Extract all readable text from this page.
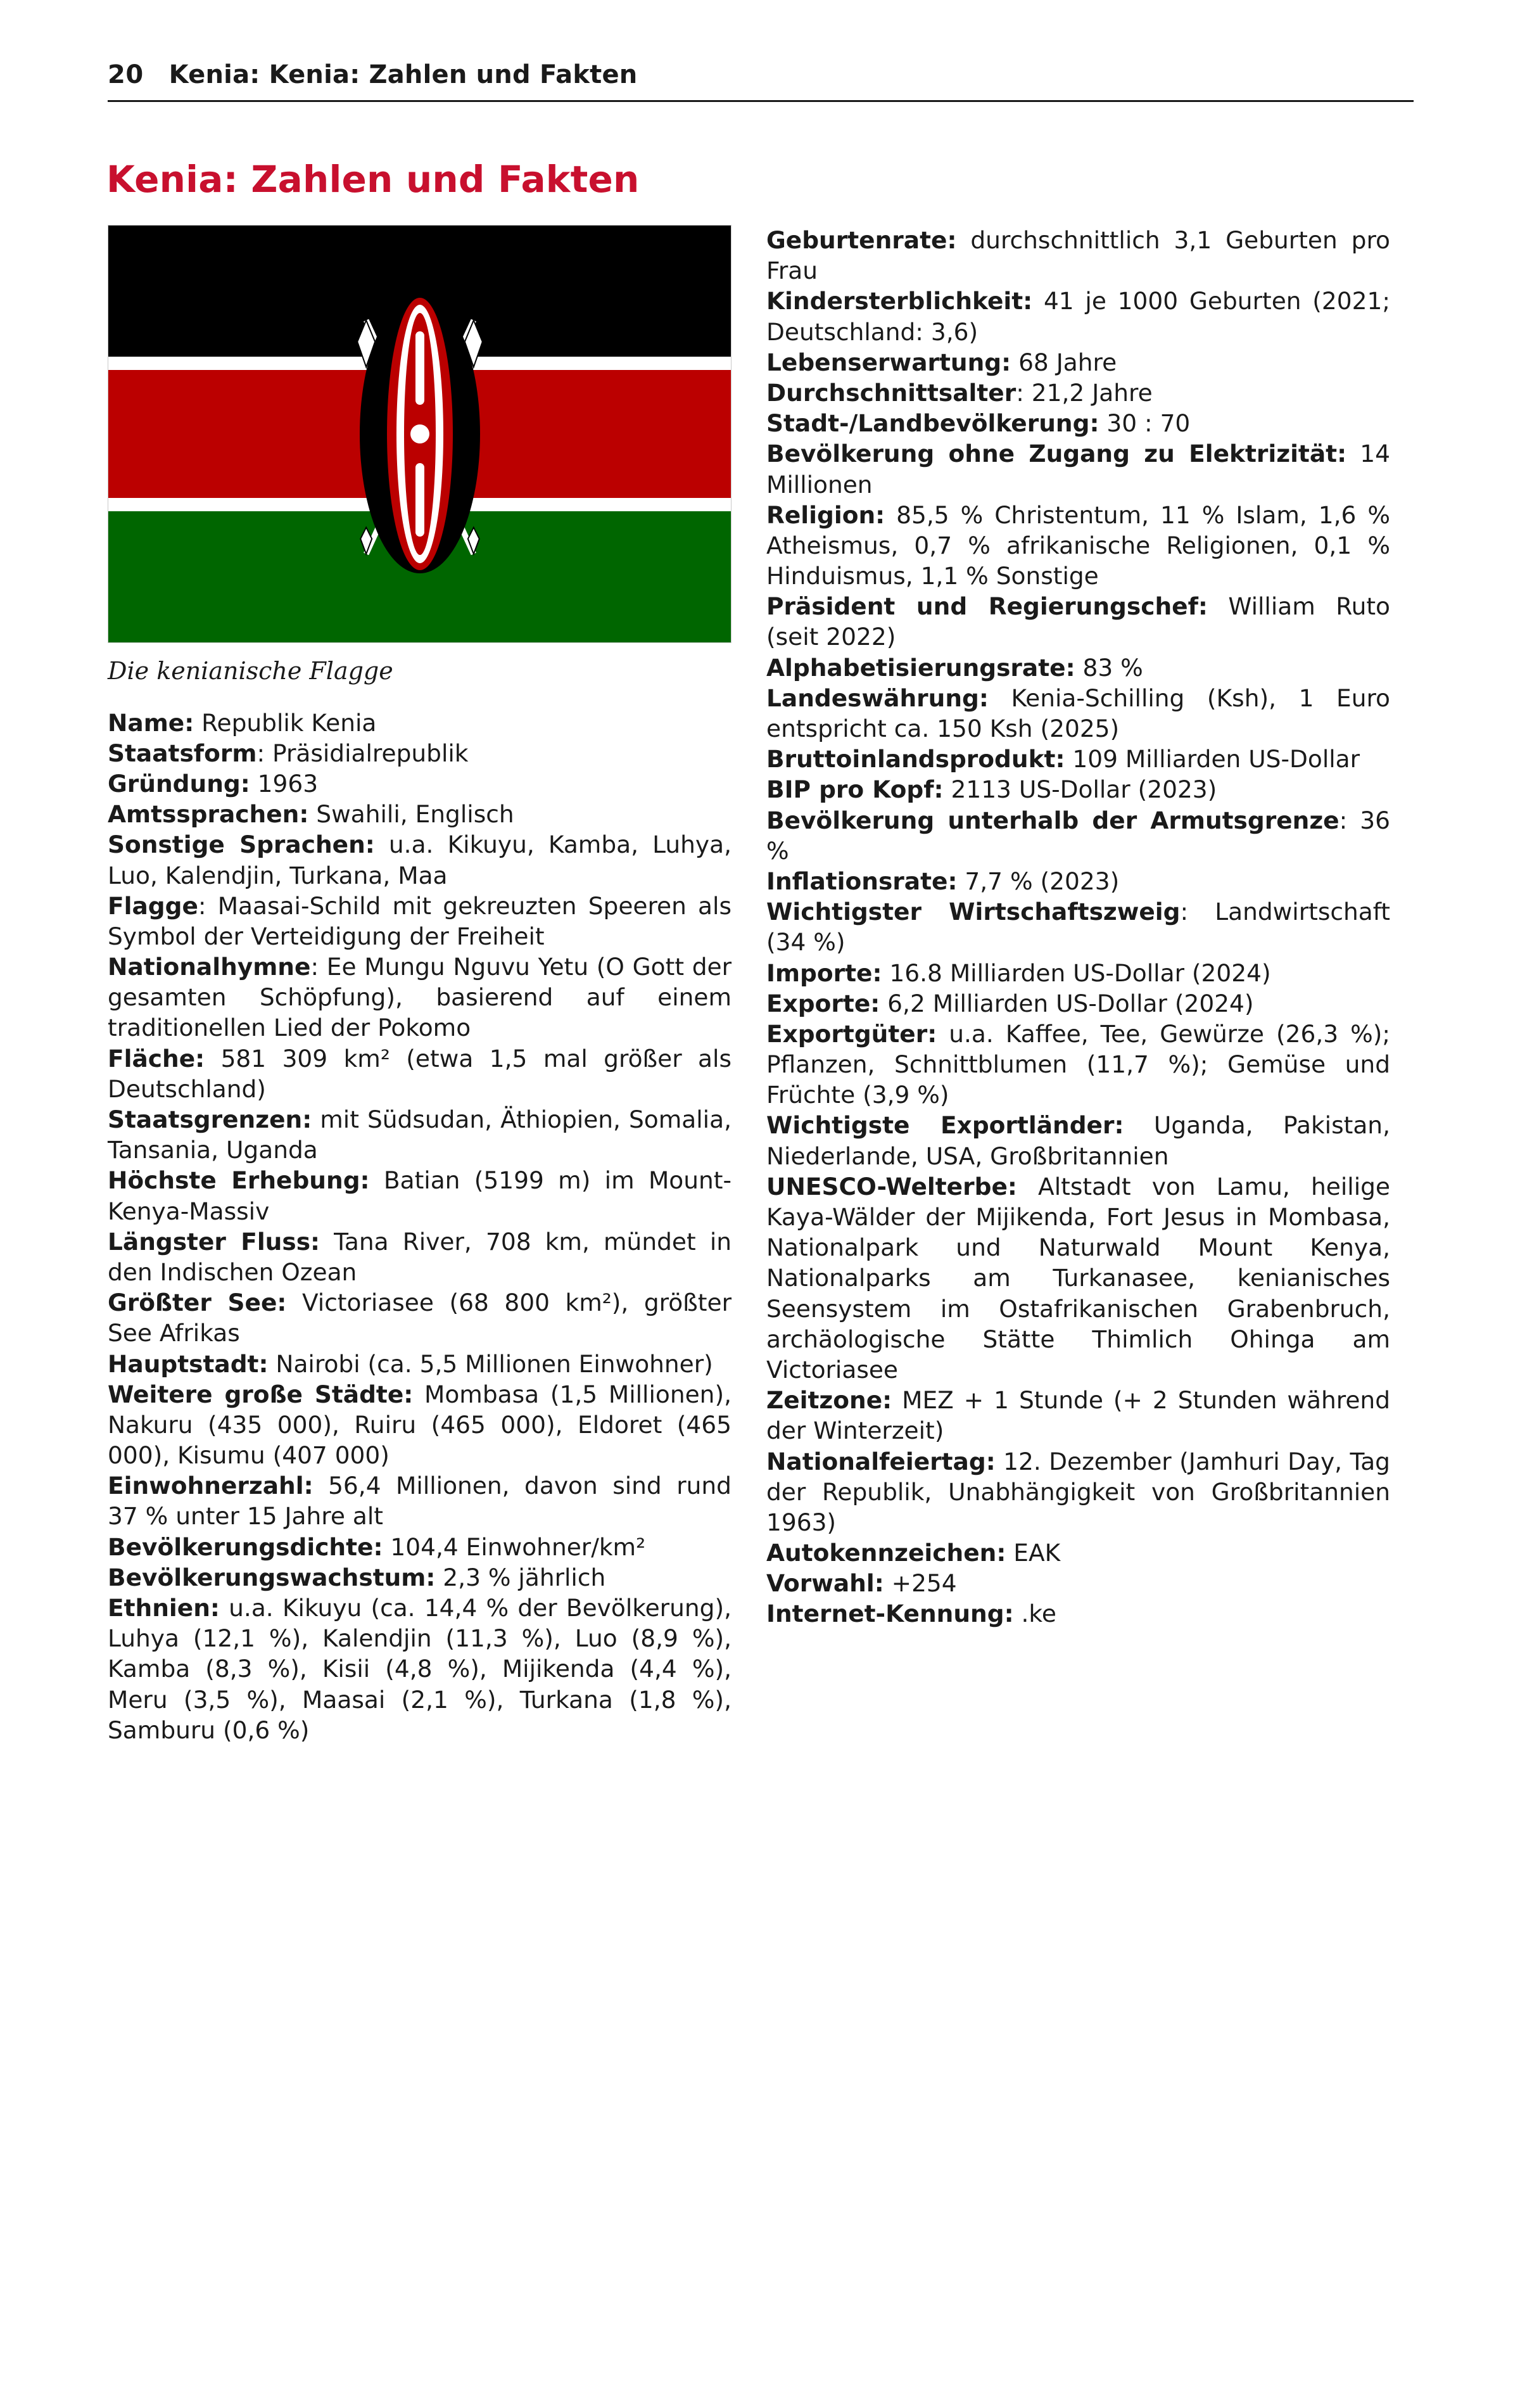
20 Kenia: Kenia: Zahlen und Fakten
Kenia: Zahlen und Fakten
Die kenianische Flagge

Name: Republik Kenia

Staatsform: Präsidialrepublik

Gründung: 1963

Amtssprachen: Swahili, Englisch

Sonstige Sprachen: u.a. Kikuyu, Kamba, Luhya, Luo, Kalendjin, Turkana, Maa

Flagge: Maasai-Schild mit gekreuzten Speeren als Symbol der Verteidigung der Freiheit

Nationalhymne: Ee Mungu Nguvu Yetu (O Gott der gesamten Schöpfung), basierend auf einem traditionellen Lied der Pokomo

Fläche: 581 309 km² (etwa 1,5 mal größer als Deutschland)

Staatsgrenzen: mit Südsudan, Äthiopien, Somalia, Tansania, Uganda

Höchste Erhebung: Batian (5199 m) im Mount-Kenya-Massiv

Längster Fluss: Tana River, 708 km, mündet in den Indischen Ozean

Größter See: Victoriasee (68 800 km²), größter See Afrikas

Hauptstadt: Nairobi (ca. 5,5 Millionen Einwohner)

Weitere große Städte: Mombasa (1,5 Millionen), Nakuru (435 000), Ruiru (465 000), Eldoret (465 000), Kisumu (407 000)

Einwohnerzahl: 56,4 Millionen, davon sind rund 37 % unter 15 Jahre alt

Bevölkerungsdichte: 104,4 Einwohner/km²

Bevölkerungswachstum: 2,3 % jährlich

Ethnien: u.a. Kikuyu (ca. 14,4 % der Bevölkerung), Luhya (12,1 %), Kalendjin (11,3 %), Luo (8,9 %), Kamba (8,3 %), Kisii (4,8 %), Mijikenda (4,4 %), Meru (3,5 %), Maasai (2,1 %), Turkana (1,8 %), Samburu (0,6 %)

Geburtenrate: durchschnittlich 3,1 Geburten pro Frau

Kindersterblichkeit: 41 je 1000 Geburten (2021; Deutschland: 3,6)

Lebenserwartung: 68 Jahre

Durchschnittsalter: 21,2 Jahre

Stadt-/Landbevölkerung: 30 : 70

Bevölkerung ohne Zugang zu Elektrizität: 14 Millionen

Religion: 85,5 % Christentum, 11 % Islam, 1,6 % Atheismus, 0,7 % afrikanische Religionen, 0,1 % Hinduismus, 1,1 % Sonstige

Präsident und Regierungschef: William Ruto (seit 2022)

Alphabetisierungsrate: 83 %

Landeswährung: Kenia-Schilling (Ksh), 1 Euro entspricht ca. 150 Ksh (2025)

Bruttoinlandsprodukt: 109 Milliarden US-Dollar

BIP pro Kopf: 2113 US-Dollar (2023)

Bevölkerung unterhalb der Armutsgrenze: 36 %

Inflationsrate: 7,7 % (2023)

Wichtigster Wirtschaftszweig: Landwirtschaft (34 %)

Importe: 16.8 Milliarden US-Dollar (2024)

Exporte: 6,2 Milliarden US-Dollar (2024)

Exportgüter: u.a. Kaffee, Tee, Gewürze (26,3 %); Pflanzen, Schnittblumen (11,7 %); Gemüse und Früchte (3,9 %)

Wichtigste Exportländer: Uganda, Pakistan, Niederlande, USA, Großbritannien

UNESCO-Welterbe: Altstadt von Lamu, heilige Kaya-Wälder der Mijikenda, Fort Jesus in Mombasa, Nationalpark und Naturwald Mount Kenya, Nationalparks am Turkanasee, kenianisches Seensystem im Ostafrikanischen Grabenbruch, archäologische Stätte Thimlich Ohinga am Victoriasee

Zeitzone: MEZ + 1 Stunde (+ 2 Stunden während der Winterzeit)

Nationalfeiertag: 12. Dezember (Jamhuri Day, Tag der Republik, Unabhängigkeit von Großbritannien 1963)

Autokennzeichen: EAK

Vorwahl: +254

Internet-Kennung: .ke
